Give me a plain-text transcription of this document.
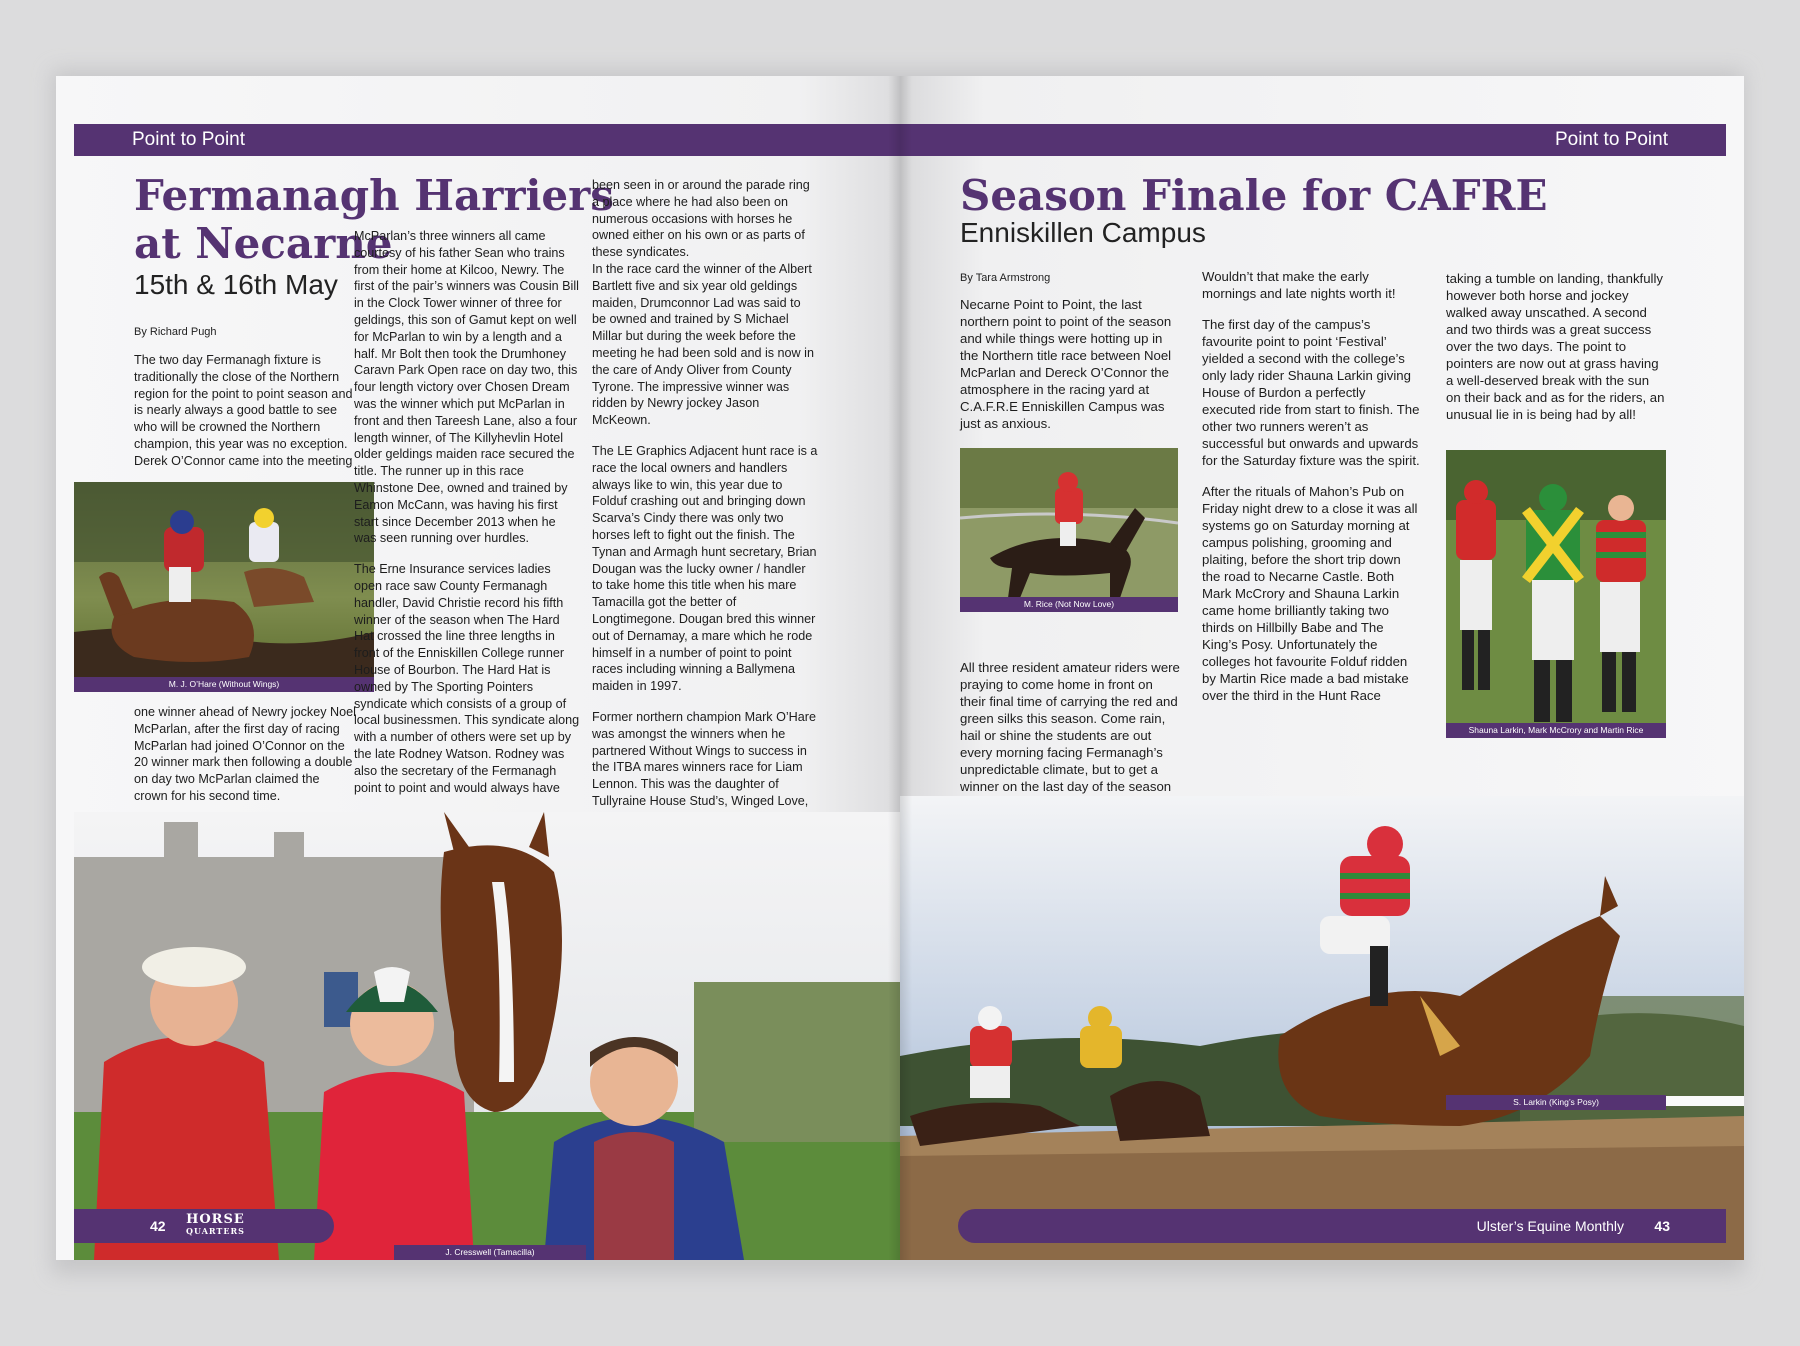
Point to Point
Fermanagh Harriers
at Necarne
15th & 16th May
By Richard Pugh
The two day Fermanagh fixture is traditionally the close of the Northern region for the point to point season and is nearly always a good battle to see who will be crowned the Northern champion, this year was no exception. Derek O’Connor came into the meeting
M. J. O’Hare (Without Wings)
one winner ahead of Newry jockey Noel McParlan, after the first day of racing McParlan had joined O’Connor on the 20 winner mark then following a double on day two McParlan claimed the crown for his second time.

McParlan’s three winners all came courtesy of his father Sean who trains from their home at Kilcoo, Newry. The first of the pair’s winners was Cousin Bill in the Clock Tower winner of three for geldings, this son of Gamut kept on well for McParlan to win by a length and a half. Mr Bolt then took the Drumhoney Caravn Park Open race on day two, this four length victory over Chosen Dream was the winner which put McParlan in front and then Tareesh Lane, also a four length winner, of The Killyhevlin Hotel older geldings maiden race secured the title. The runner up in this race Whinstone Dee, owned and trained by Eamon McCann, was having his first start since December 2013 when he was seen running over hurdles.

The Erne Insurance services ladies open race saw County Fermanagh handler, David Christie record his fifth winner of the season when The Hard Hat crossed the line three lengths in front of the Enniskillen College runner House of Bourbon. The Hard Hat is owned by The Sporting Pointers syndicate which consists of a group of local businessmen. This syndicate along with a number of others were set up by the late Rodney Watson. Rodney was also the secretary of the Fermanagh point to point and would always have

been seen in or around the parade ring a place where he had also been on numerous occasions with horses he owned either on his own or as parts of these syndicates.

In the race card the winner of the Albert Bartlett five and six year old geldings maiden, Drumconnor Lad was said to be owned and trained by S Michael Millar but during the week before the meeting he had been sold and is now in the care of Andy Oliver from County Tyrone. The impressive winner was ridden by Newry jockey Jason McKeown.

The LE Graphics Adjacent hunt race is a race the local owners and handlers always like to win, this year due to Folduf crashing out and bringing down Scarva’s Cindy there was only two horses left to fight out the finish. The Tynan and Armagh hunt secretary, Brian Dougan was the lucky owner / handler to take home this title when his mare Tamacilla got the better of Longtimegone. Dougan bred this winner out of Dernamay, a mare which he rode himself in a number of point to point races including winning a Ballymena maiden in 1997.

Former northern champion Mark O’Hare was amongst the winners when he partnered Without Wings to success in the ITBA mares winners race for Liam Lennon. This was the daughter of Tullyraine House Stud’s, Winged Love,

J. Cresswell (Tamacilla)
42 HORSE
QUARTERS
Point to Point
Season Finale for CAFRE
Enniskillen Campus
By Tara Armstrong

Necarne Point to Point, the last northern point to point of the season and while things were hotting up in the Northern title race between Noel McParlan and Dereck O’Connor the atmosphere in the racing yard at C.A.F.R.E Enniskillen Campus was just as anxious.

M. Rice (Not Now Love)

All three resident amateur riders were praying to come home in front on their final time of carrying the red and green silks this season. Come rain, hail or shine the students are out every morning facing Fermanagh’s unpredictable climate, but to get a winner on the last day of the season

Wouldn’t that make the early mornings and late nights worth it!

The first day of the campus’s favourite point to point ‘Festival’ yielded a second with the college’s only lady rider Shauna Larkin giving House of Burdon a perfectly executed ride from start to finish. The other two runners weren’t as successful but onwards and upwards for the Saturday fixture was the spirit.

After the rituals of Mahon’s Pub on Friday night drew to a close it was all systems go on Saturday morning at campus polishing, grooming and plaiting, before the short trip down the road to Necarne Castle. Both Mark McCrory and Shauna Larkin came home brilliantly taking two thirds on Hillbilly Babe and The King’s Posy. Unfortunately the colleges hot favourite Folduf ridden by Martin Rice made a bad mistake over the third in the Hunt Race

taking a tumble on landing, thankfully however both horse and jockey walked away unscathed. A second and two thirds was a great success over the two days. The point to pointers are now out at grass having a well-deserved break with the sun on their back and as for the riders, an unusual lie in is being had by all!

Shauna Larkin, Mark McCrory and Martin Rice
S. Larkin (King’s Posy)
Ulster’s Equine Monthly 43
